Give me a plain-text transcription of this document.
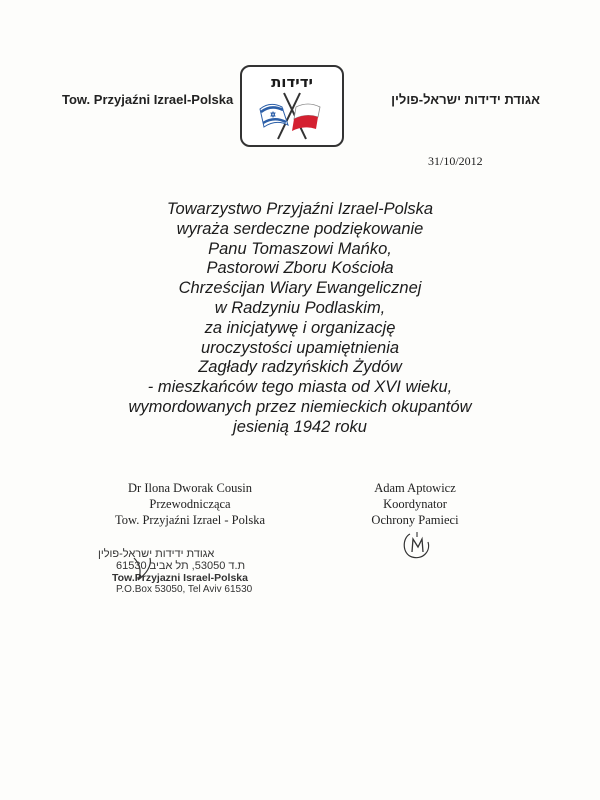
Tow. Przyjaźni Izrael-Polska
ידידות
אגודת ידידות ישראל-פולין
31/10/2012
Towarzystwo Przyjaźni Izrael-Polska
wyraża serdeczne podziękowanie
Panu Tomaszowi Mańko,
Pastorowi Zboru Kościoła
Chrześcijan Wiary Ewangelicznej
w Radzyniu Podlaskim,
za inicjatywę i organizację
uroczystości upamiętnienia
Zagłady radzyńskich Żydów
- mieszkańców tego miasta od XVI wieku,
wymordowanych przez niemieckich okupantów
jesienią 1942 roku
Dr Ilona Dworak Cousin
Przewodnicząca
Tow. Przyjaźni Izrael - Polska
Adam Aptowicz
Koordynator
Ochrony Pamieci
אגודת ידידות ישראל-פולין
ת.ד 53050, תל אביב 61530
Tow.Przyjazni Israel-Polska
P.O.Box 53050, Tel Aviv 61530
